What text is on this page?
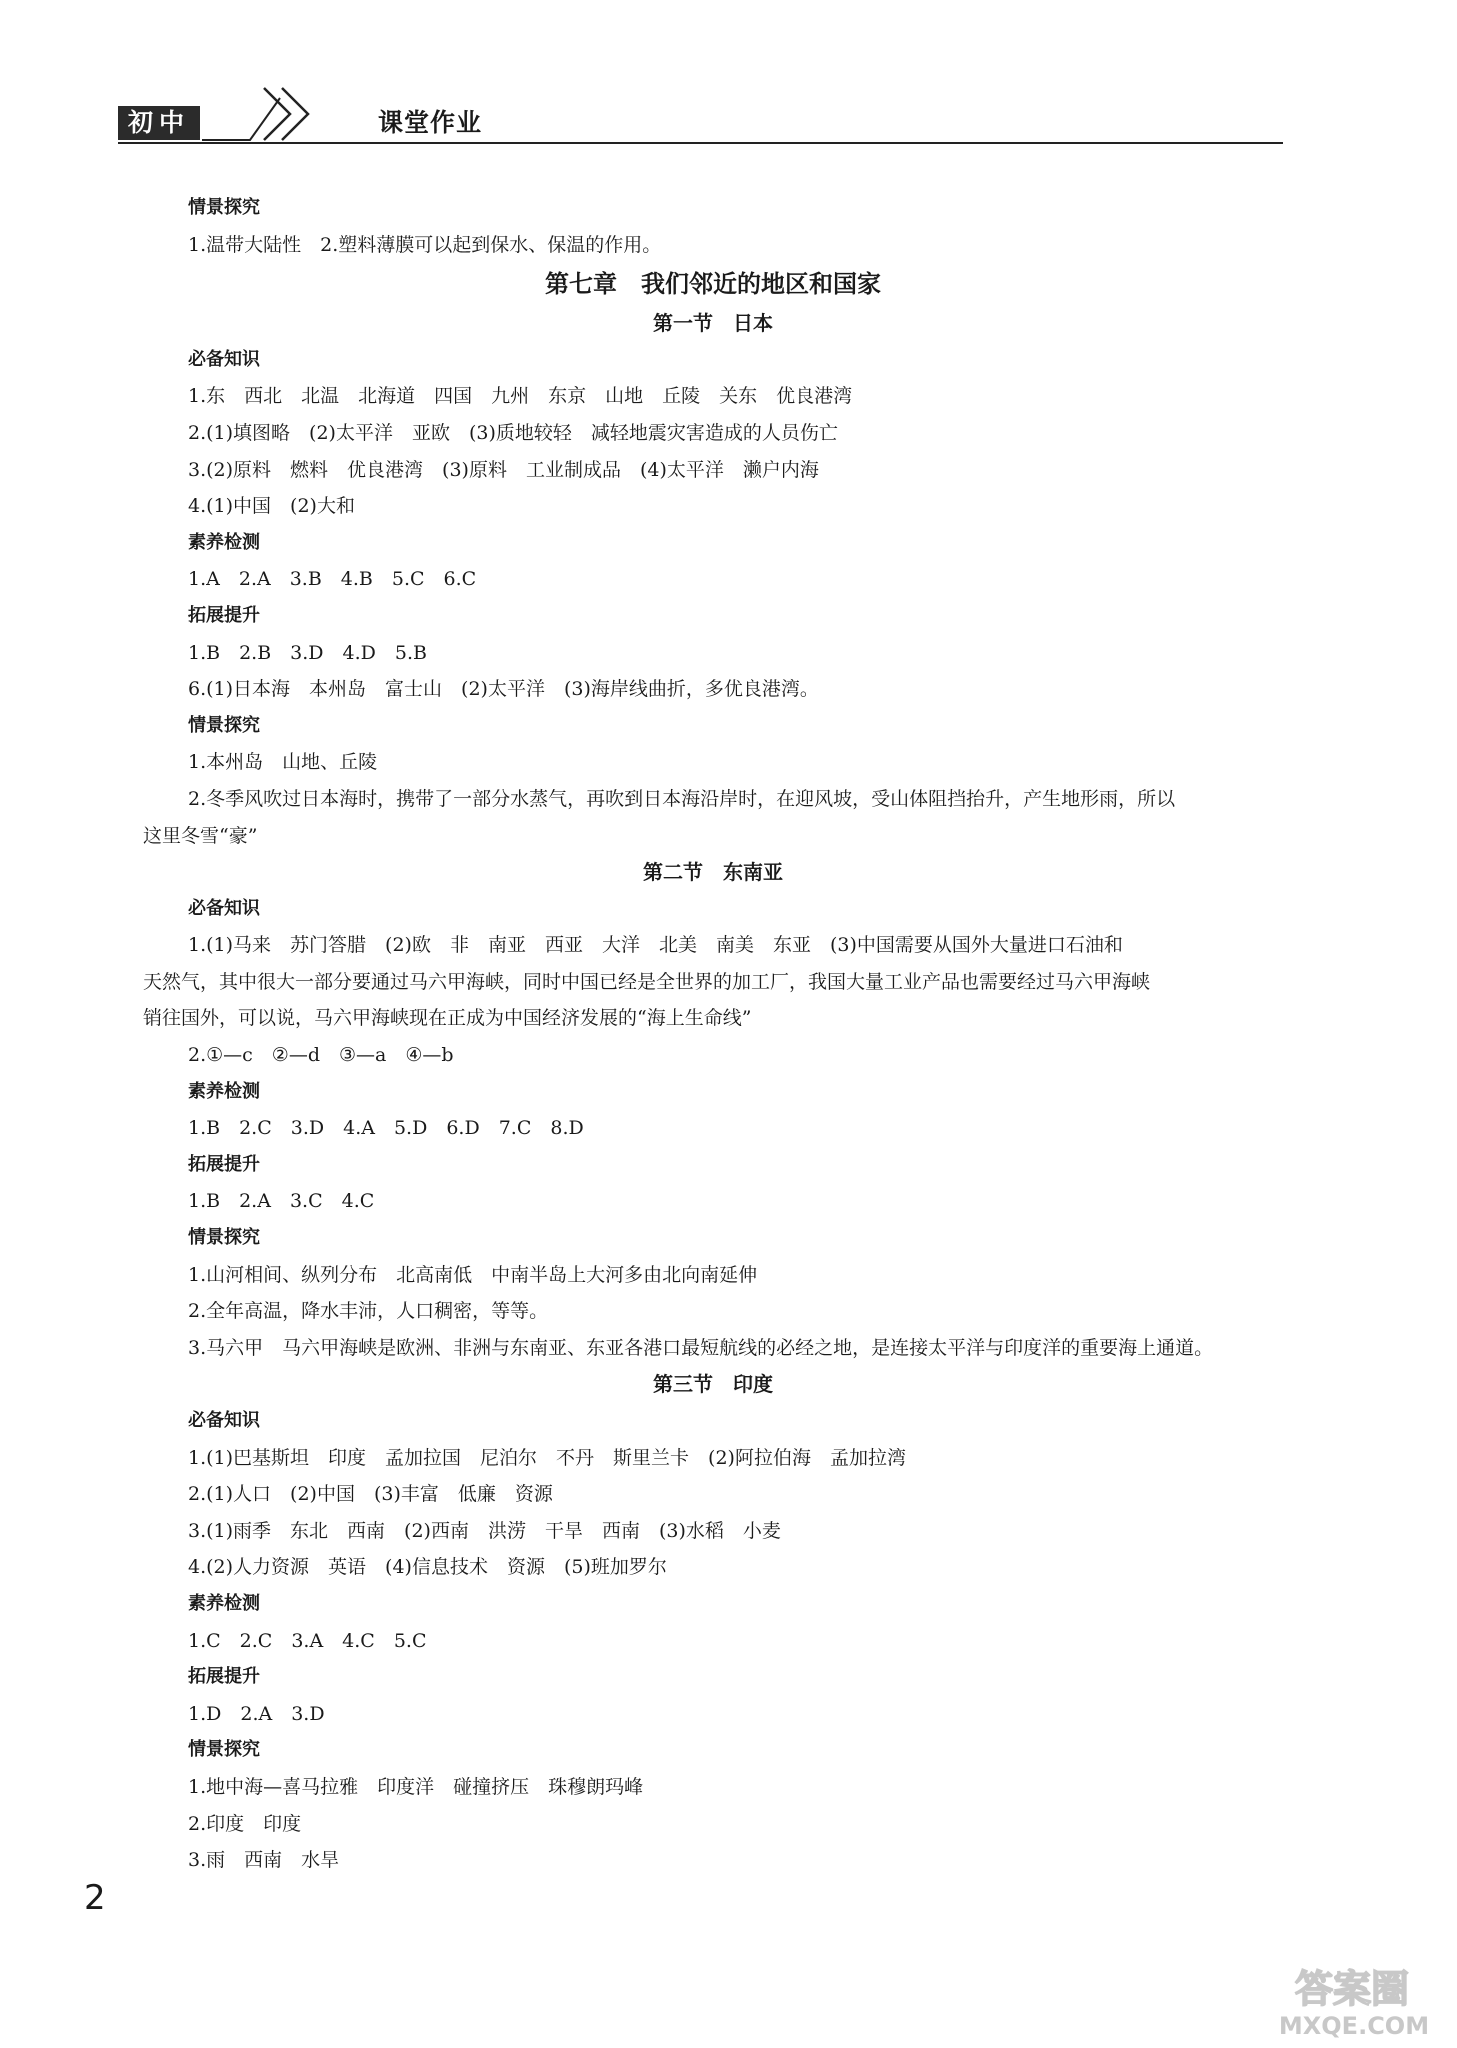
初中	课堂作业
情景探究
1.温带大陆性　2.塑料薄膜可以起到保水、保温的作用。
第七章　我们邻近的地区和国家
第一节　日本
必备知识
1.东　西北　北温　北海道　四国　九州　东京　山地　丘陵　关东　优良港湾
2.(1)填图略　(2)太平洋　亚欧　(3)质地较轻　减轻地震灾害造成的人员伤亡
3.(2)原料　燃料　优良港湾　(3)原料　工业制成品　(4)太平洋　濑户内海
4.(1)中国　(2)大和
素养检测
1.A　2.A　3.B　4.B　5.C　6.C
拓展提升
1.B　2.B　3.D　4.D　5.B
6.(1)日本海　本州岛　富士山　(2)太平洋　(3)海岸线曲折，多优良港湾。
情景探究
1.本州岛　山地、丘陵
2.冬季风吹过日本海时，携带了一部分水蒸气，再吹到日本海沿岸时，在迎风坡，受山体阻挡抬升，产生地形雨，所以
这里冬雪“豪”
第二节　东南亚
必备知识
1.(1)马来　苏门答腊　(2)欧　非　南亚　西亚　大洋　北美　南美　东亚　(3)中国需要从国外大量进口石油和
天然气，其中很大一部分要通过马六甲海峡，同时中国已经是全世界的加工厂，我国大量工业产品也需要经过马六甲海峡
销往国外，可以说，马六甲海峡现在正成为中国经济发展的“海上生命线”
2.①—c　②—d　③—a　④—b
素养检测
1.B　2.C　3.D　4.A　5.D　6.D　7.C　8.D
拓展提升
1.B　2.A　3.C　4.C
情景探究
1.山河相间、纵列分布　北高南低　中南半岛上大河多由北向南延伸
2.全年高温，降水丰沛，人口稠密，等等。
3.马六甲　马六甲海峡是欧洲、非洲与东南亚、东亚各港口最短航线的必经之地，是连接太平洋与印度洋的重要海上通道。
第三节　印度
必备知识
1.(1)巴基斯坦　印度　孟加拉国　尼泊尔　不丹　斯里兰卡　(2)阿拉伯海　孟加拉湾
2.(1)人口　(2)中国　(3)丰富　低廉　资源
3.(1)雨季　东北　西南　(2)西南　洪涝　干旱　西南　(3)水稻　小麦
4.(2)人力资源　英语　(4)信息技术　资源　(5)班加罗尔
素养检测
1.C　2.C　3.A　4.C　5.C
拓展提升
1.D　2.A　3.D
情景探究
1.地中海—喜马拉雅　印度洋　碰撞挤压　珠穆朗玛峰
2.印度　印度
3.雨　西南　水旱
2
答案圈
MXQE.COM
